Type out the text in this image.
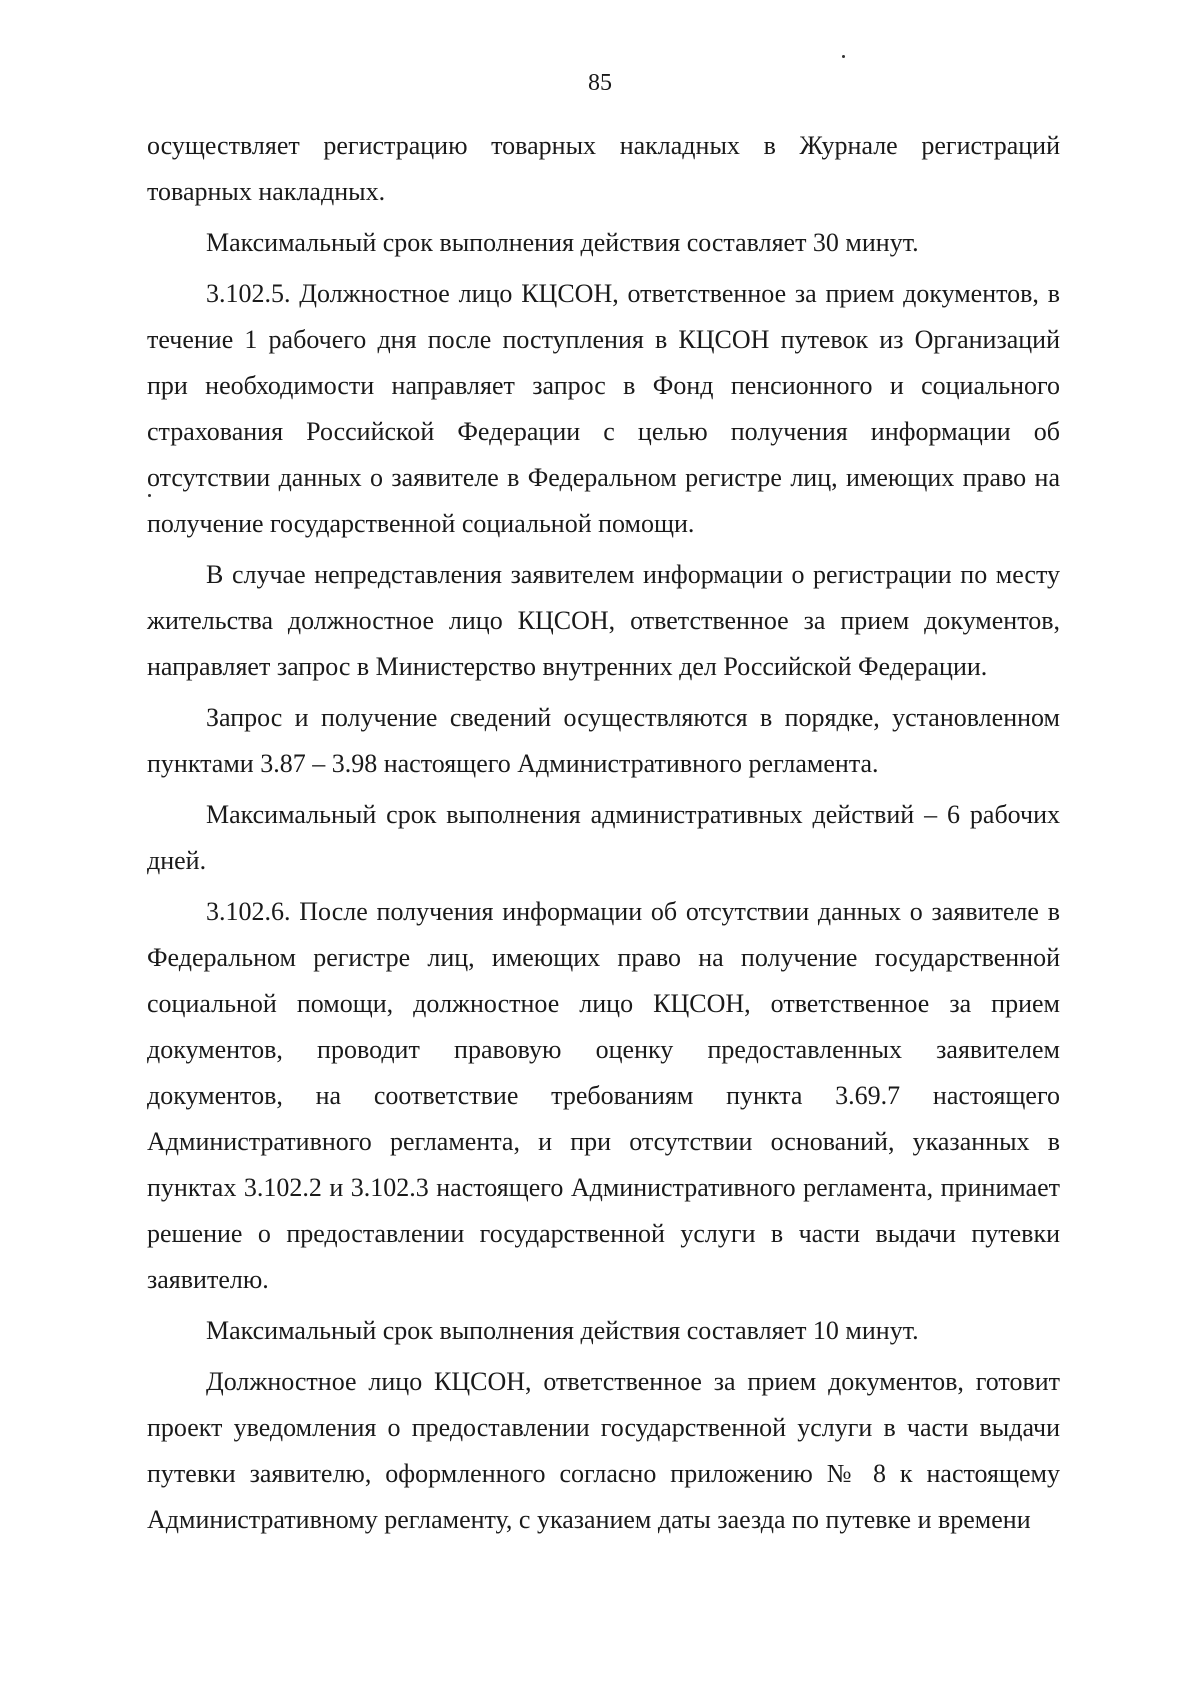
85

осуществляет регистрацию товарных накладных в Журнале регистраций товарных накладных.

Максимальный срок выполнения действия составляет 30 минут.

3.102.5. Должностное лицо КЦСОН, ответственное за прием документов, в течение 1 рабочего дня после поступления в КЦСОН путевок из Организаций при необходимости направляет запрос в Фонд пенсионного и социального страхования Российской Федерации с целью получения информации об отсутствии данных о заявителе в Федеральном регистре лиц, имеющих право на получение государственной социальной помощи.

В случае непредставления заявителем информации о регистрации по месту жительства должностное лицо КЦСОН, ответственное за прием документов, направляет запрос в Министерство внутренних дел Российской Федерации.

Запрос и получение сведений осуществляются в порядке, установленном пунктами 3.87 – 3.98 настоящего Административного регламента.

Максимальный срок выполнения административных действий – 6 рабочих дней.

3.102.6. После получения информации об отсутствии данных о заявителе в Федеральном регистре лиц, имеющих право на получение государственной социальной помощи, должностное лицо КЦСОН, ответственное за прием документов, проводит правовую оценку предоставленных заявителем документов, на соответствие требованиям пункта 3.69.7 настоящего Административного регламента, и при отсутствии оснований, указанных в пунктах 3.102.2 и 3.102.3 настоящего Административного регламента, принимает решение о предоставлении государственной услуги в части выдачи путевки заявителю.

Максимальный срок выполнения действия составляет 10 минут.

Должностное лицо КЦСОН, ответственное за прием документов, готовит проект уведомления о предоставлении государственной услуги в части выдачи путевки заявителю, оформленного согласно приложению № 8 к настоящему Административному регламенту, с указанием даты заезда по путевке и времени
